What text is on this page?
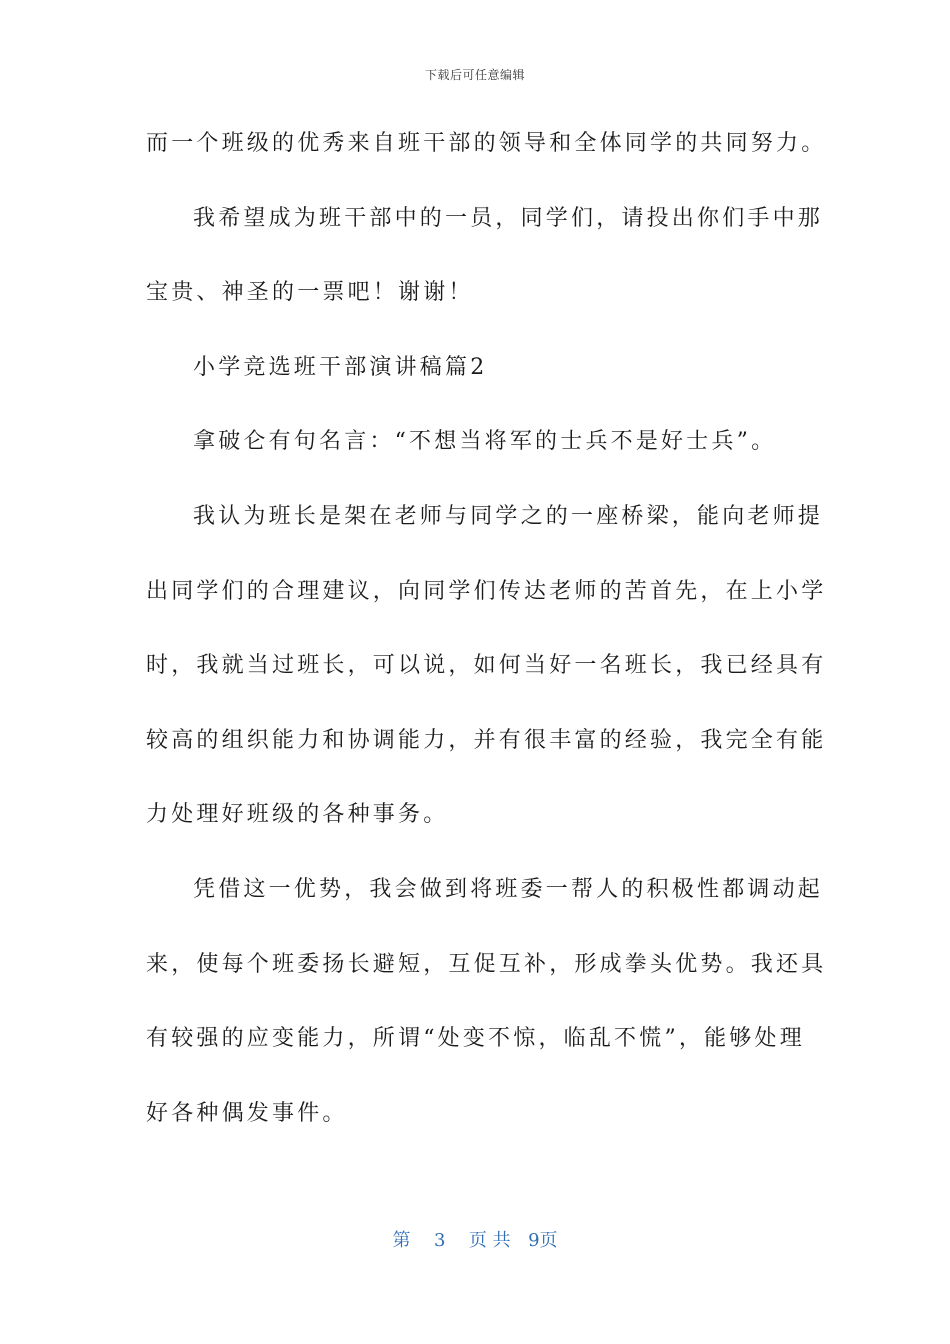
下载后可任意编辑
而一个班级的优秀来自班干部的领导和全体同学的共同努力。
我希望成为班干部中的一员，同学们，请投出你们手中那
宝贵、神圣的一票吧！谢谢！
小学竞选班干部演讲稿篇2
拿破仑有句名言：“不想当将军的士兵不是好士兵”。
我认为班长是架在老师与同学之的一座桥梁，能向老师提
出同学们的合理建议，向同学们传达老师的苦首先，在上小学
时，我就当过班长，可以说，如何当好一名班长，我已经具有
较高的组织能力和协调能力，并有很丰富的经验，我完全有能
力处理好班级的各种事务。
凭借这一优势，我会做到将班委一帮人的积极性都调动起
来，使每个班委扬长避短，互促互补，形成拳头优势。我还具
有较强的应变能力，所谓“处变不惊，临乱不慌”，能够处理
好各种偶发事件。
第 3 页 共 9页
